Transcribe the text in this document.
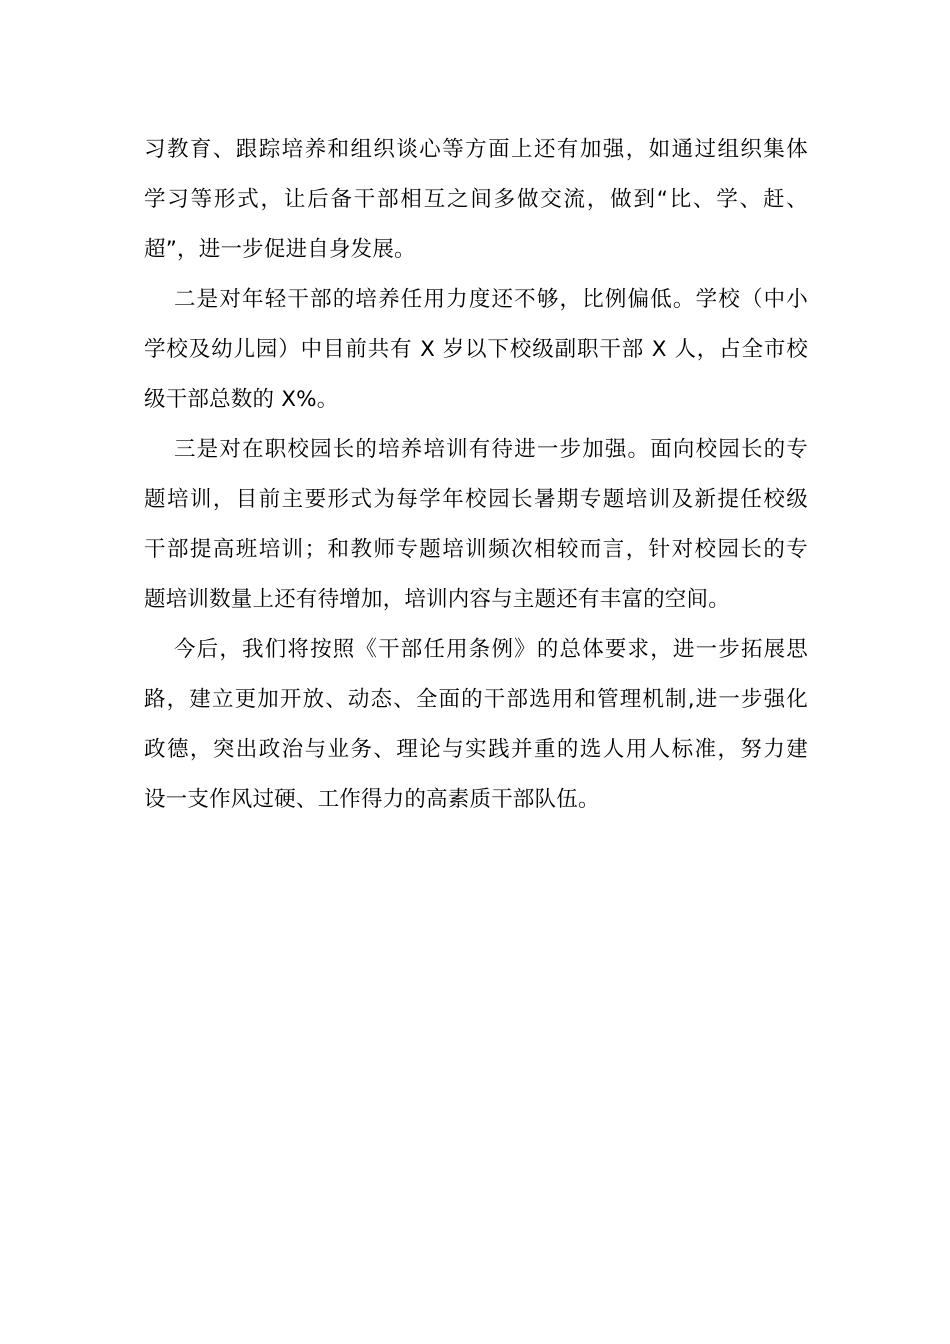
习教育、跟踪培养和组织谈心等方面上还有加强，如通过组织集体
学习等形式，让后备干部相互之间多做交流，做到“比、学、赶、
超”，进一步促进自身发展。
二是对年轻干部的培养任用力度还不够，比例偏低。学校（中小
学校及幼儿园）中目前共有 X 岁以下校级副职干部 X 人，占全市校
级干部总数的 X%。
三是对在职校园长的培养培训有待进一步加强。面向校园长的专
题培训，目前主要形式为每学年校园长暑期专题培训及新提任校级
干部提高班培训；和教师专题培训频次相较而言，针对校园长的专
题培训数量上还有待增加，培训内容与主题还有丰富的空间。
今后，我们将按照《干部任用条例》的总体要求，进一步拓展思
路，建立更加开放、动态、全面的干部选用和管理机制,进一步强化
政德，突出政治与业务、理论与实践并重的选人用人标准，努力建
设一支作风过硬、工作得力的高素质干部队伍。
